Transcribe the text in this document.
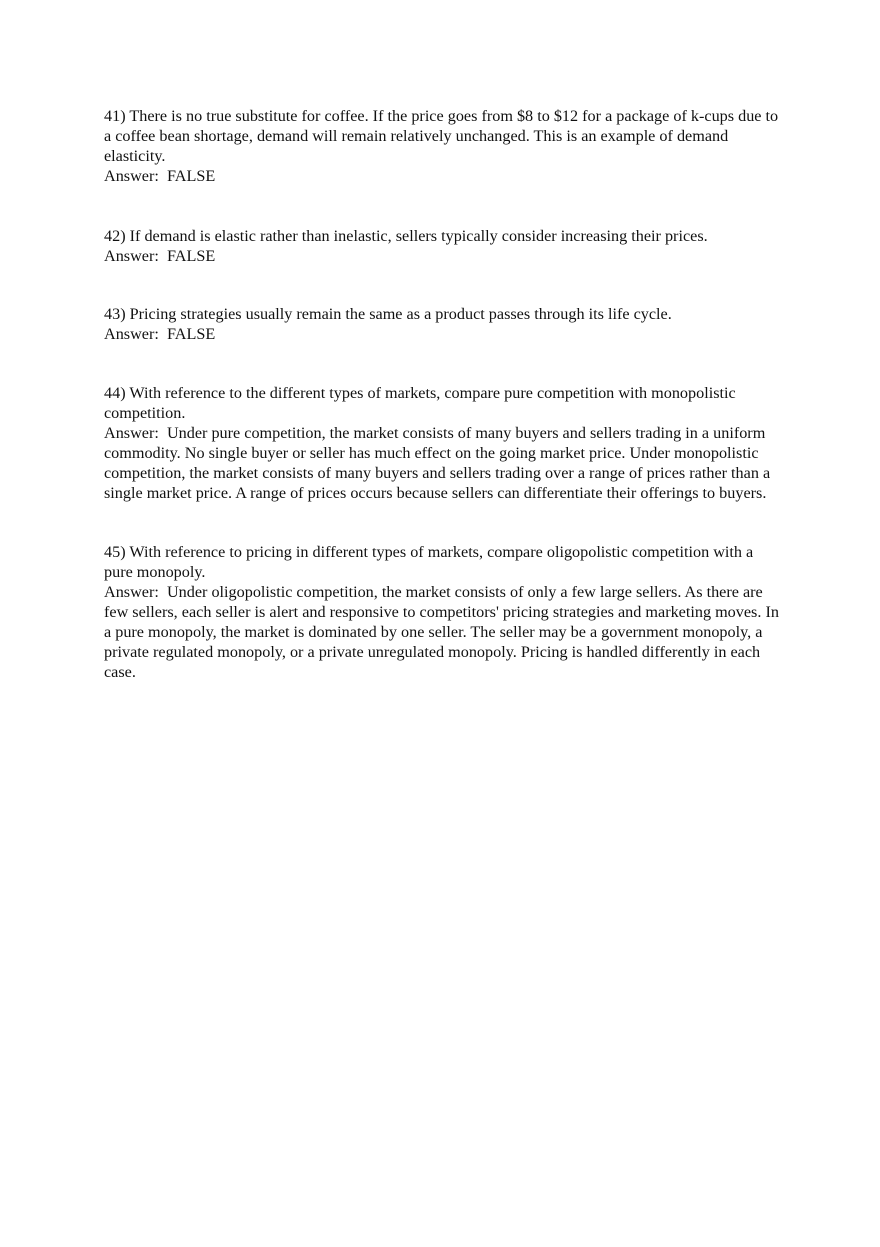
41) There is no true substitute for coffee. If the price goes from $8 to $12 for a package of k-cups due to a coffee bean shortage, demand will remain relatively unchanged. This is an example of demand elasticity.

Answer:  FALSE

42) If demand is elastic rather than inelastic, sellers typically consider increasing their prices.

Answer:  FALSE

43) Pricing strategies usually remain the same as a product passes through its life cycle.

Answer:  FALSE

44) With reference to the different types of markets, compare pure competition with monopolistic competition.

Answer:  Under pure competition, the market consists of many buyers and sellers trading in a uniform commodity. No single buyer or seller has much effect on the going market price. Under monopolistic competition, the market consists of many buyers and sellers trading over a range of prices rather than a single market price. A range of prices occurs because sellers can differentiate their offerings to buyers.

45) With reference to pricing in different types of markets, compare oligopolistic competition with a pure monopoly.

Answer:  Under oligopolistic competition, the market consists of only a few large sellers. As there are few sellers, each seller is alert and responsive to competitors' pricing strategies and marketing moves. In a pure monopoly, the market is dominated by one seller. The seller may be a government monopoly, a private regulated monopoly, or a private unregulated monopoly. Pricing is handled differently in each case.
